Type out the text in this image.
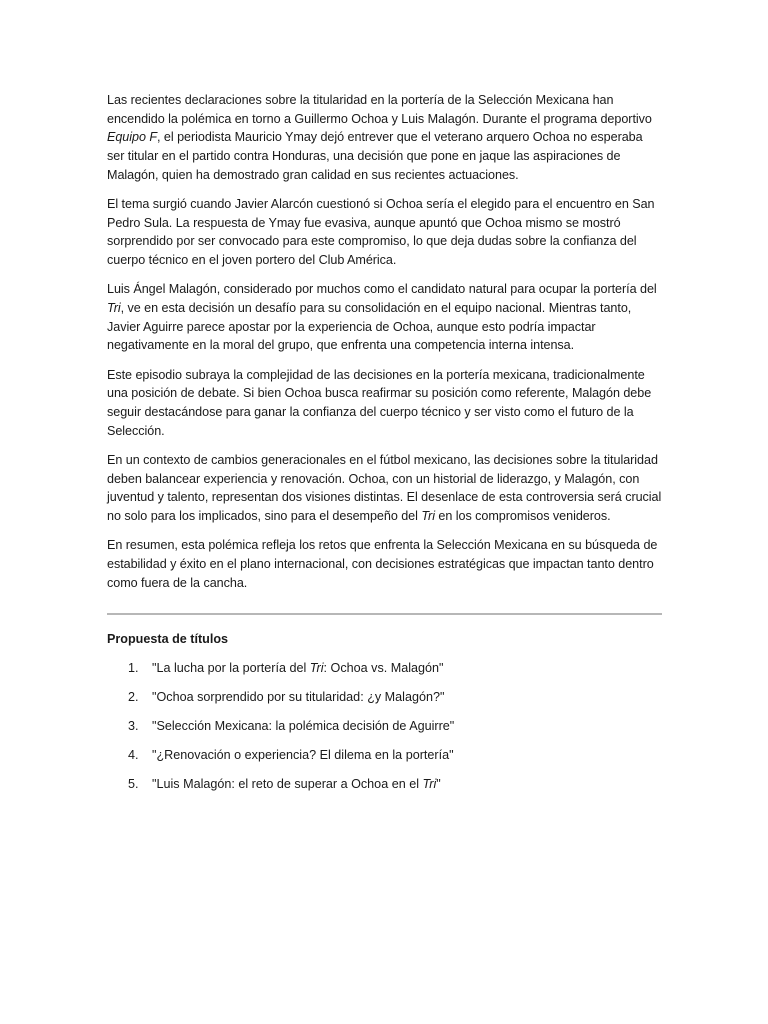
Las recientes declaraciones sobre la titularidad en la portería de la Selección Mexicana han encendido la polémica en torno a Guillermo Ochoa y Luis Malagón. Durante el programa deportivo Equipo F, el periodista Mauricio Ymay dejó entrever que el veterano arquero Ochoa no esperaba ser titular en el partido contra Honduras, una decisión que pone en jaque las aspiraciones de Malagón, quien ha demostrado gran calidad en sus recientes actuaciones.

El tema surgió cuando Javier Alarcón cuestionó si Ochoa sería el elegido para el encuentro en San Pedro Sula. La respuesta de Ymay fue evasiva, aunque apuntó que Ochoa mismo se mostró sorprendido por ser convocado para este compromiso, lo que deja dudas sobre la confianza del cuerpo técnico en el joven portero del Club América.

Luis Ángel Malagón, considerado por muchos como el candidato natural para ocupar la portería del Tri, ve en esta decisión un desafío para su consolidación en el equipo nacional. Mientras tanto, Javier Aguirre parece apostar por la experiencia de Ochoa, aunque esto podría impactar negativamente en la moral del grupo, que enfrenta una competencia interna intensa.

Este episodio subraya la complejidad de las decisiones en la portería mexicana, tradicionalmente una posición de debate. Si bien Ochoa busca reafirmar su posición como referente, Malagón debe seguir destacándose para ganar la confianza del cuerpo técnico y ser visto como el futuro de la Selección.

En un contexto de cambios generacionales en el fútbol mexicano, las decisiones sobre la titularidad deben balancear experiencia y renovación. Ochoa, con un historial de liderazgo, y Malagón, con juventud y talento, representan dos visiones distintas. El desenlace de esta controversia será crucial no solo para los implicados, sino para el desempeño del Tri en los compromisos venideros.

En resumen, esta polémica refleja los retos que enfrenta la Selección Mexicana en su búsqueda de estabilidad y éxito en el plano internacional, con decisiones estratégicas que impactan tanto dentro como fuera de la cancha.

Propuesta de títulos
1.	"La lucha por la portería del Tri: Ochoa vs. Malagón"
2.	"Ochoa sorprendido por su titularidad: ¿y Malagón?"
3.	"Selección Mexicana: la polémica decisión de Aguirre"
4.	"¿Renovación o experiencia? El dilema en la portería"
5.	"Luis Malagón: el reto de superar a Ochoa en el Tri"
